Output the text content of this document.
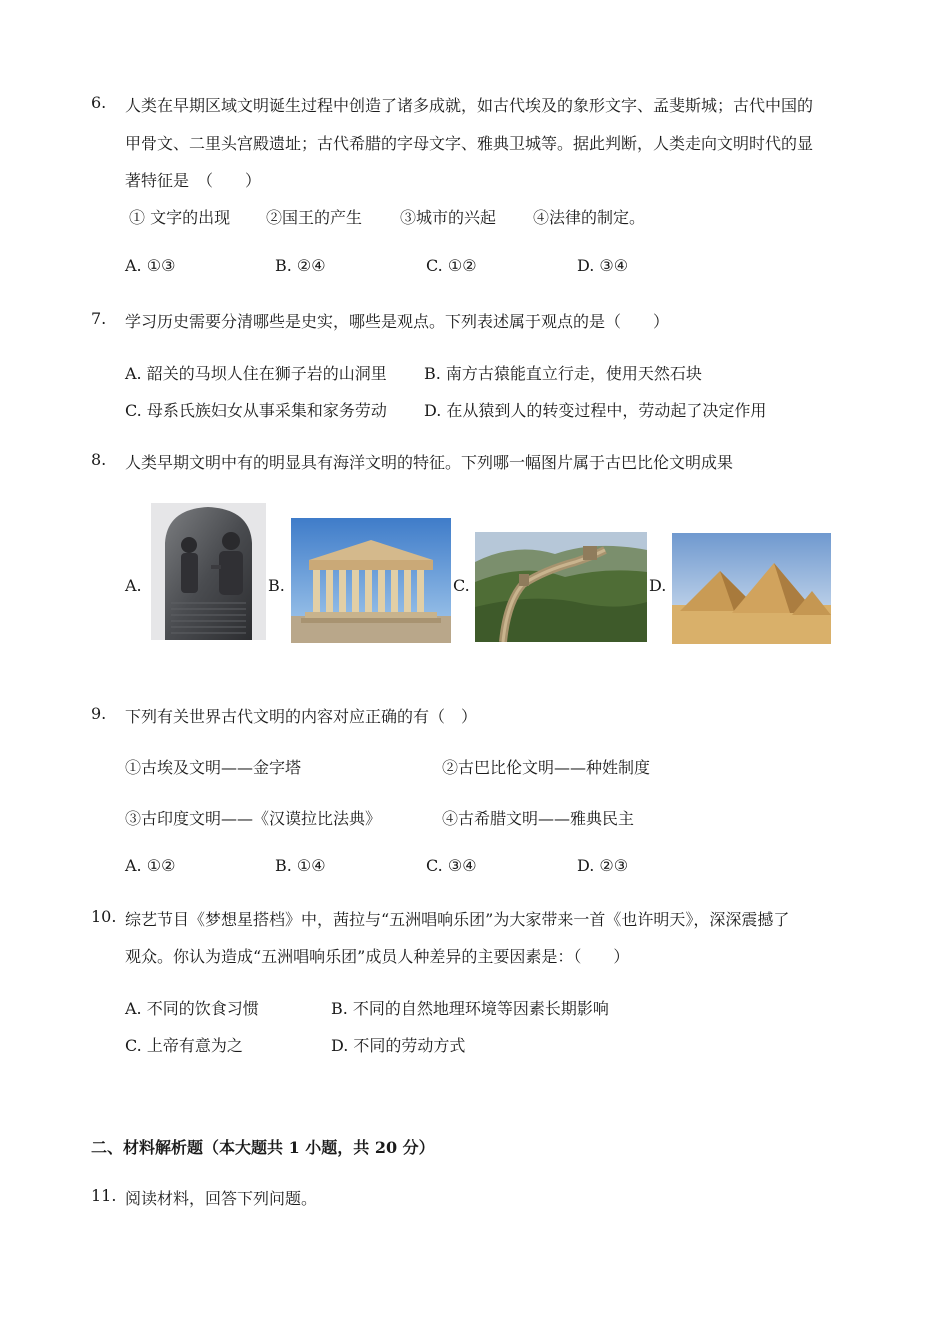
6. 人类在早期区域文明诞生过程中创造了诸多成就，如古代埃及的象形文字、孟斐斯城；古代中国的
甲骨文、二里头宫殿遗址；古代希腊的字母文字、雅典卫城等。据此判断，人类走向文明时代的显
著特征是　（　　）
① 文字的出现 ②国王的产生 ③城市的兴起 ④法律的制定。
A. ①③	B. ②④	C. ①②	D. ③④
7. 学习历史需要分清哪些是史实，哪些是观点。下列表述属于观点的是（　　）
A. 韶关的马坝人住在狮子岩的山洞里 B. 南方古猿能直立行走，使用天然石块
C. 母系氏族妇女从事采集和家务劳动 D. 在从猿到人的转变过程中，劳动起了决定作用
8. 人类早期文明中有的明显具有海洋文明的特征。下列哪一幅图片属于古巴比伦文明成果
A.	B.	C.	D.
9. 下列有关世界古代文明的内容对应正确的有（　）
①古埃及文明——金字塔	②古巴比伦文明——种姓制度
③古印度文明——《汉谟拉比法典》	④古希腊文明——雅典民主
A. ①②	B. ①④	C. ③④	D. ②③
10. 综艺节目《梦想星搭档》中，茜拉与“五洲唱响乐团”为大家带来一首《也许明天》，深深震撼了
观众。你认为造成“五洲唱响乐团”成员人种差异的主要因素是：（　　）
A. 不同的饮食习惯	B. 不同的自然地理环境等因素长期影响
C. 上帝有意为之	D. 不同的劳动方式
二、材料解析题（本大题共 1 小题，共 20 分）
11. 阅读材料，回答下列问题。
